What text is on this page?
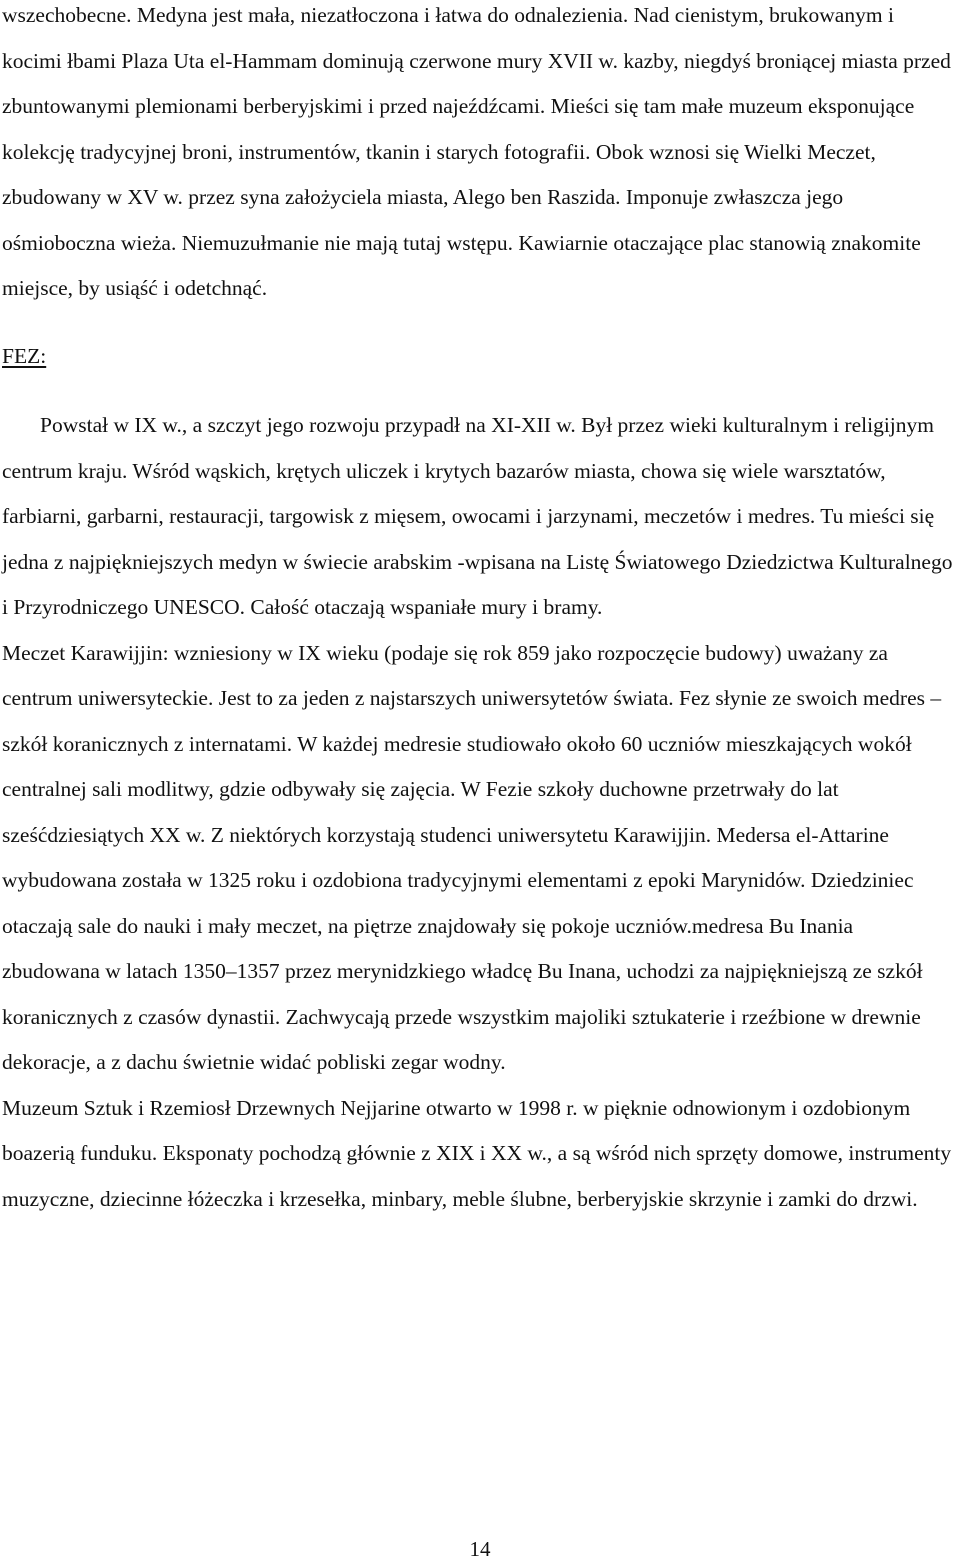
wszechobecne. Medyna jest mała, niezatłoczona i łatwa do odnalezienia. Nad cienistym, brukowanym i kocimi łbami Plaza Uta el-Hammam dominują czerwone mury XVII w. kazby, niegdyś broniącej miasta przed zbuntowanymi plemionami berberyjskimi i przed najeźdźcami. Mieści się tam małe muzeum eksponujące kolekcję tradycyjnej broni, instrumentów, tkanin i starych fotografii. Obok wznosi się Wielki Meczet, zbudowany w XV w. przez syna założyciela miasta, Alego ben Raszida. Imponuje zwłaszcza jego ośmioboczna wieża. Niemuzułmanie nie mają tutaj wstępu. Kawiarnie otaczające plac stanowią znakomite miejsce, by usiąść i odetchnąć.

FEZ:

Powstał w IX w., a szczyt jego rozwoju przypadł na XI-XII w. Był przez wieki kulturalnym i religijnym centrum kraju. Wśród wąskich, krętych uliczek i krytych bazarów miasta, chowa się wiele warsztatów, farbiarni, garbarni, restauracji, targowisk z mięsem, owocami i jarzynami, meczetów i medres. Tu mieści się jedna z najpiękniejszych medyn w świecie arabskim -wpisana na Listę Światowego Dziedzictwa Kulturalnego i Przyrodniczego UNESCO. Całość otaczają wspaniałe mury i bramy.

Meczet Karawijjin: wzniesiony w IX wieku (podaje się rok 859 jako rozpoczęcie budowy) uważany za centrum uniwersyteckie. Jest to za jeden z najstarszych uniwersytetów świata. Fez słynie ze swoich medres – szkół koranicznych z internatami. W każdej medresie studiowało około 60 uczniów mieszkających wokół centralnej sali modlitwy, gdzie odbywały się zajęcia. W Fezie szkoły duchowne przetrwały do lat sześćdziesiątych XX w. Z niektórych korzystają studenci uniwersytetu Karawijjin. Medersa el-Attarine wybudowana została w 1325 roku i ozdobiona tradycyjnymi elementami z epoki Marynidów. Dziedziniec otaczają sale do nauki i mały meczet, na piętrze znajdowały się pokoje uczniów.medresa Bu Inania zbudowana w latach 1350–1357 przez merynidzkiego władcę Bu Inana, uchodzi za najpiękniejszą ze szkół koranicznych z czasów dynastii. Zachwycają przede wszystkim majoliki sztukaterie i rzeźbione w drewnie dekoracje, a z dachu świetnie widać pobliski zegar wodny.

Muzeum Sztuk i Rzemiosł Drzewnych Nejjarine otwarto w 1998 r. w pięknie odnowionym i ozdobionym boazerią funduku. Eksponaty pochodzą głównie z XIX i XX w., a są wśród nich sprzęty domowe, instrumenty muzyczne, dziecinne łóżeczka i krzesełka, minbary, meble ślubne, berberyjskie skrzynie i zamki do drzwi.

14
